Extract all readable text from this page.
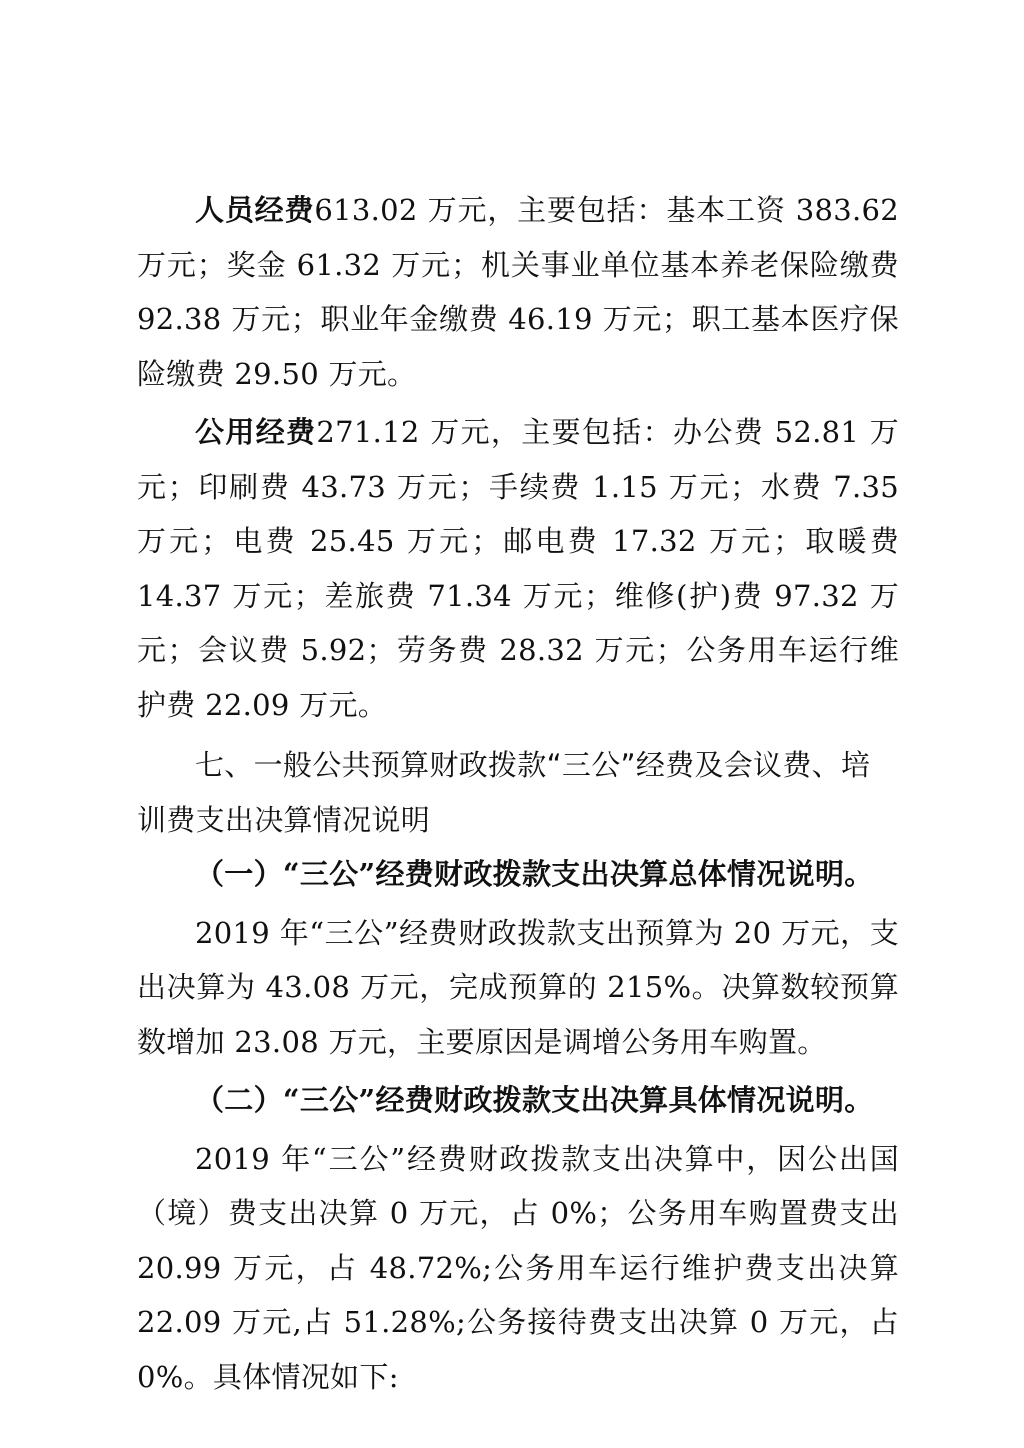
人员经费613.02 万元，主要包括：基本工资 383.62 万元；奖金 61.32 万元；机关事业单位基本养老保险缴费 92.38 万元；职业年金缴费 46.19 万元；职工基本医疗保险缴费 29.50 万元。

公用经费271.12 万元，主要包括：办公费 52.81 万元；印刷费 43.73 万元；手续费 1.15 万元；水费 7.35 万元；电费 25.45 万元；邮电费 17.32 万元；取暖费 14.37 万元；差旅费 71.34 万元；维修(护)费 97.32 万元；会议费 5.92；劳务费 28.32 万元；公务用车运行维护费 22.09 万元。

七、一般公共预算财政拨款“三公”经费及会议费、培训费支出决算情况说明

（一）“三公”经费财政拨款支出决算总体情况说明。

2019 年“三公”经费财政拨款支出预算为 20 万元，支出决算为 43.08 万元，完成预算的 215%。决算数较预算数增加 23.08 万元，主要原因是调增公务用车购置。

（二）“三公”经费财政拨款支出决算具体情况说明。

2019 年“三公”经费财政拨款支出决算中，因公出国（境）费支出决算 0 万元，占 0%；公务用车购置费支出 20.99 万元，占 48.72%;公务用车运行维护费支出决算 22.09 万元,占 51.28%;公务接待费支出决算 0 万元，占 0%。具体情况如下:
